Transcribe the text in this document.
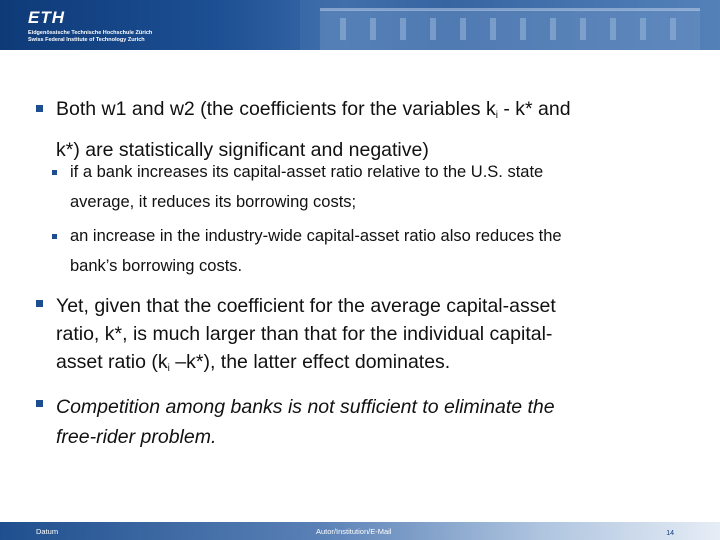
ETH
Eidgenössische Technische Hochschule Zürich
Swiss Federal Institute of Technology Zurich
Both w1 and w2 (the coefficients for the variables $k_i - k*$ and
k*) are statistically significant and negative)
if a bank increases its capital-asset ratio relative to the U.S. state
average, it reduces its borrowing costs;
an increase in the industry-wide capital-asset ratio also reduces the
bank’s borrowing costs.
Yet, given that the coefficient for the average capital-asset
ratio, k*, is much larger than that for the individual capital-
asset ratio ($k_i$ –k*), the latter effect dominates.
Competition among banks is not sufficient to eliminate the
free-rider problem.
Datum	Autor/Institution/E-Mail	14
